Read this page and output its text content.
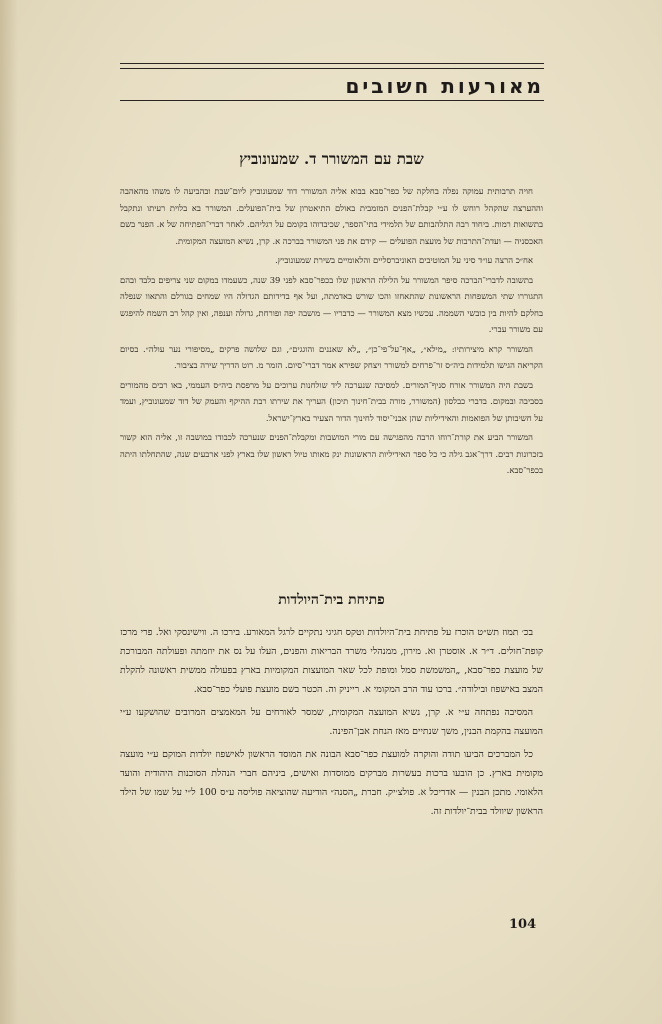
מאורעות חשובים
שבת עם המשורר ד. שמעונוביץ

חויה תרבותית עמוקה נפלה בחלקה של כפר־סבא בבוא אליה המשורר דוד שמעונוביץ ליום־שבת ובהביעה לו משהו מהאהבה וההערצה שהקהל רוחש לו ע״י קבלת־הפנים המזמבית באולם התיאטרון של בית־הפועלים. המשורר בא בלוית רעיתו ונתקבל בתשואות רמות. ביחוד רבה התלהבותם של תלמידי בתי־הספר, שכיבדוהו בקומם על רגליהם. לאחר דברי־הפתיחה של א. הפנר בשם האכסניה — ועדת־התרבות של מועצת הפועלים — קידם את פני המשורר בברכה א. קרן, נשיא המועצה המקומית.

אח״כ הרצה עו״ד סיני על המוטיבים האוניברסליים והלאומיים בשירת שמעונוביץ.

בתשובה לדברי־הברכה סיפר המשורר על הלילה הראשון שלו בכפר־סבא לפני 39 שנה, כשעמדו במקום שני צריפים בלבד ובהם התגוררו שתי המשפחות הראשונות שהתאחזו והכו שורש באדמתה, ועל אף בדידותם הגדולה היו שמחים בגורלם והתאוו שנפלה בחלקם להיות בין כובשי השממה. עכשיו מצא המשורר — כדבריו — מושבה יפה ופורחת, גדולה וענפה, ואין קהל רב השמח להיפגש עם משורר עברי.

המשורר קרא מיצירותיו: „מילא״, „אף־על־פי־כן״, „לא שאננים והוגגים״, וגם שלושה פרקים „מסיפורי נער עולה״. בסיום הקריאה הגישו תלמידות ביה״ס זר־פרחים למשורר ויצחק שפירא אמר דברי־סיום. הזמר מ. רוט הדריך שירה בציבור.

בשבת היה המשורר אורח סניף־המורים. למסיבה שנערכה ליד שולחנות ערוכים על מרפסת ביה״ס העממי, באו רבים מהמורים בסביבה ובמקום. בדברי כבלסון (המשורר, מורה בבית־חינוך תיכון) העריך את שירתו רבת ההיקף והעמק של דוד שמעונוביץ, ועמד על חשיבותן של הפואמות והאידיליות שהן אבני־יסוד לחינוך הדור הצעיר בארץ־ישראל.

המשורר הביע את קורת־רוחו הרבה מהפגישה עם מורי המושבות ומקבלת־הפנים שנערכה לכבודו במושבה זו, אליה הוא קשור בזכרונות רבים. דרך־אגב גילה כי כל ספר האידיליות הראשונות ינק מאותו טיול ראשון שלו בארץ לפני ארבעים שנה, שהתחלתו היתה בכפר־סבא.

פתיחת בית־היולדות

בכ׳ תמוז תש״ט הוכרז על פתיחת בית־היולדות וטקס חגיגי נתקיים לרגל המאורע. בירכו ה. ווישינסקי ואל. פרי מרכז קופת־חולים. ד״ר א. אוסטרן וא. מירון, ממנהלי משרד הבריאות והפנים, העלו על נס את יוזמתה ופעולתה המבורכת של מועצת כפר־סבא, „המשמשת סמל ומופת לכל שאר המועצות המקומיות בארץ בפעולה ממשית ראשונה להקלת המצב באישפוז ובילודה״. ברכו עוד הרב המקומי א. רייניק וה. הכטר בשם מועצת פועלי כפר־סבא.

המסיבה נפתחה ע״י א. קרן, נשיא המועצה המקומית, שמסר לאורחים על המאמצים המרובים שהושקעו ע״י המועצה בהקמת הבנין, משך שנתיים מאז הנחת אבן־הפינה.

כל המברכים הביעו תודה והוקרה למועצת כפר־סבא הבונה את המוסד הראשון לאישפוז יולדות המוקם ע״י מועצה מקומית בארץ. כן הובעו ברכות בעשרות מברקים ממוסדות ואישים, ביניהם חברי הנהלת הסוכנות היהודית והועד הלאומי. מתכן הבנין — אדריכל א. פולצ׳יק. חברת „הסנה״ הודיעה שהוציאה פוליסה ע״ס 100 ל״י על שמו של הילד הראשון שיוולד בבית־יולדות זה.

104
